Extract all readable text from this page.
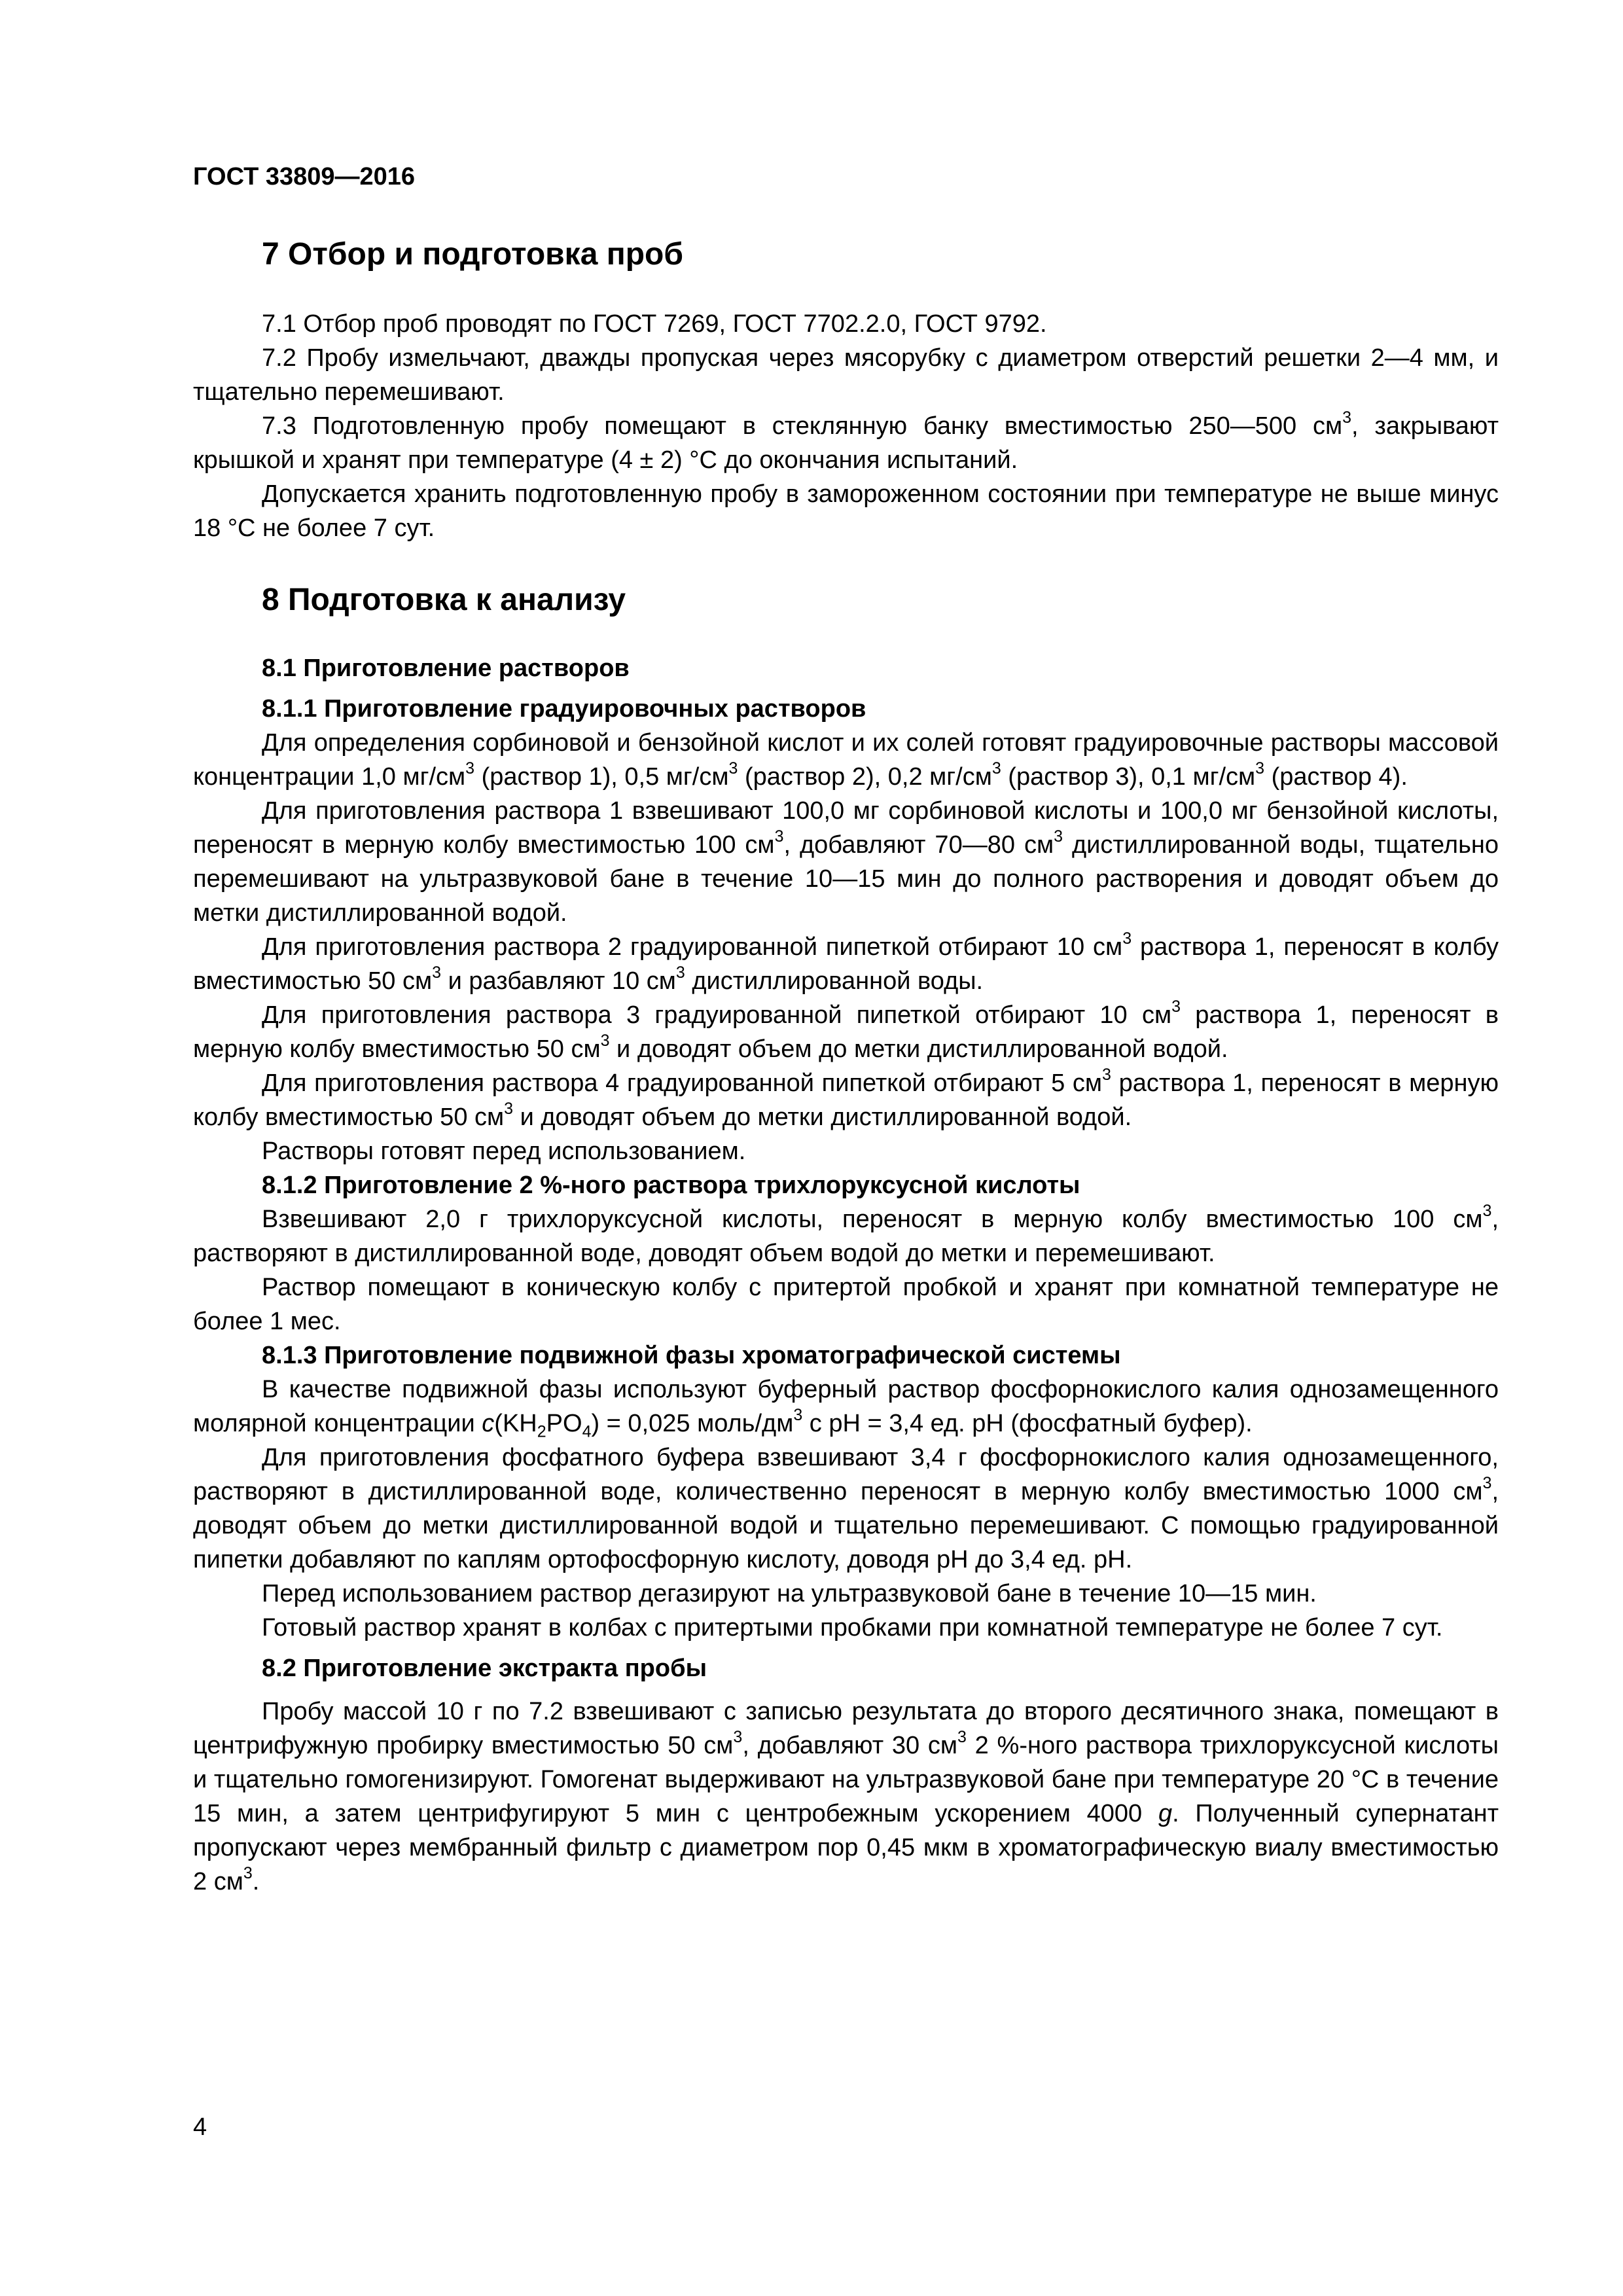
ГОСТ 33809—2016
7 Отбор и подготовка проб

7.1 Отбор проб проводят по ГОСТ 7269, ГОСТ 7702.2.0, ГОСТ 9792.

7.2 Пробу измельчают, дважды пропуская через мясорубку с диаметром отверстий решетки 2—4 мм, и тщательно перемешивают.

7.3 Подготовленную пробу помещают в стеклянную банку вместимостью 250—500 $см^3$, закрывают крышкой и хранят при температуре (4 ± 2) °С до окончания испытаний.

Допускается хранить подготовленную пробу в замороженном состоянии при температуре не выше минус 18 °С не более 7 сут.

8 Подготовка к анализу
8.1 Приготовление растворов
8.1.1 Приготовление градуировочных растворов

Для определения сорбиновой и бензойной кислот и их солей готовят градуировочные растворы массовой концентрации 1,0 $мг/см^3$ (раствор 1), 0,5 $мг/см^3$ (раствор 2), 0,2 $мг/см^3$ (раствор 3), 0,1 $мг/см^3$ (раствор 4).

Для приготовления раствора 1 взвешивают 100,0 мг сорбиновой кислоты и 100,0 мг бензойной кислоты, переносят в мерную колбу вместимостью 100 $см^3$, добавляют 70—80 $см^3$ дистиллированной воды, тщательно перемешивают на ультразвуковой бане в течение 10—15 мин до полного растворения и доводят объем до метки дистиллированной водой.

Для приготовления раствора 2 градуированной пипеткой отбирают 10 $см^3$ раствора 1, переносят в колбу вместимостью 50 $см^3$ и разбавляют 10 $см^3$ дистиллированной воды.

Для приготовления раствора 3 градуированной пипеткой отбирают 10 $см^3$ раствора 1, переносят в мерную колбу вместимостью 50 $см^3$ и доводят объем до метки дистиллированной водой.

Для приготовления раствора 4 градуированной пипеткой отбирают 5 $см^3$ раствора 1, переносят в мерную колбу вместимостью 50 $см^3$ и доводят объем до метки дистиллированной водой.

Растворы готовят перед использованием.

8.1.2 Приготовление 2 %-ного раствора трихлоруксусной кислоты

Взвешивают 2,0 г трихлоруксусной кислоты, переносят в мерную колбу вместимостью 100 $см^3$, растворяют в дистиллированной воде, доводят объем водой до метки и перемешивают.

Раствор помещают в коническую колбу с притертой пробкой и хранят при комнатной температуре не более 1 мес.

8.1.3 Приготовление подвижной фазы хроматографической системы

В качестве подвижной фазы используют буферный раствор фосфорнокислого калия однозамещенного молярной концентрации $c(KH_2PO_4) = 0,025$ моль/$дм^3$ с pH = 3,4 ед. pH (фосфатный буфер).

Для приготовления фосфатного буфера взвешивают 3,4 г фосфорнокислого калия однозамещенного, растворяют в дистиллированной воде, количественно переносят в мерную колбу вместимостью 1000 $см^3$, доводят объем до метки дистиллированной водой и тщательно перемешивают. С помощью градуированной пипетки добавляют по каплям ортофосфорную кислоту, доводя pH до 3,4 ед. pH.

Перед использованием раствор дегазируют на ультразвуковой бане в течение 10—15 мин.

Готовый раствор хранят в колбах с притертыми пробками при комнатной температуре не более 7 сут.

8.2 Приготовление экстракта пробы

Пробу массой 10 г по 7.2 взвешивают с записью результата до второго десятичного знака, помещают в центрифужную пробирку вместимостью 50 $см^3$, добавляют 30 $см^3$ 2 %-ного раствора трихлоруксусной кислоты и тщательно гомогенизируют. Гомогенат выдерживают на ультразвуковой бане при температуре 20 °С в течение 15 мин, а затем центрифугируют 5 мин с центробежным ускорением 4000 g. Полученный супернатант пропускают через мембранный фильтр с диаметром пор 0,45 мкм в хроматографическую виалу вместимостью 2 $см^3$.

4
